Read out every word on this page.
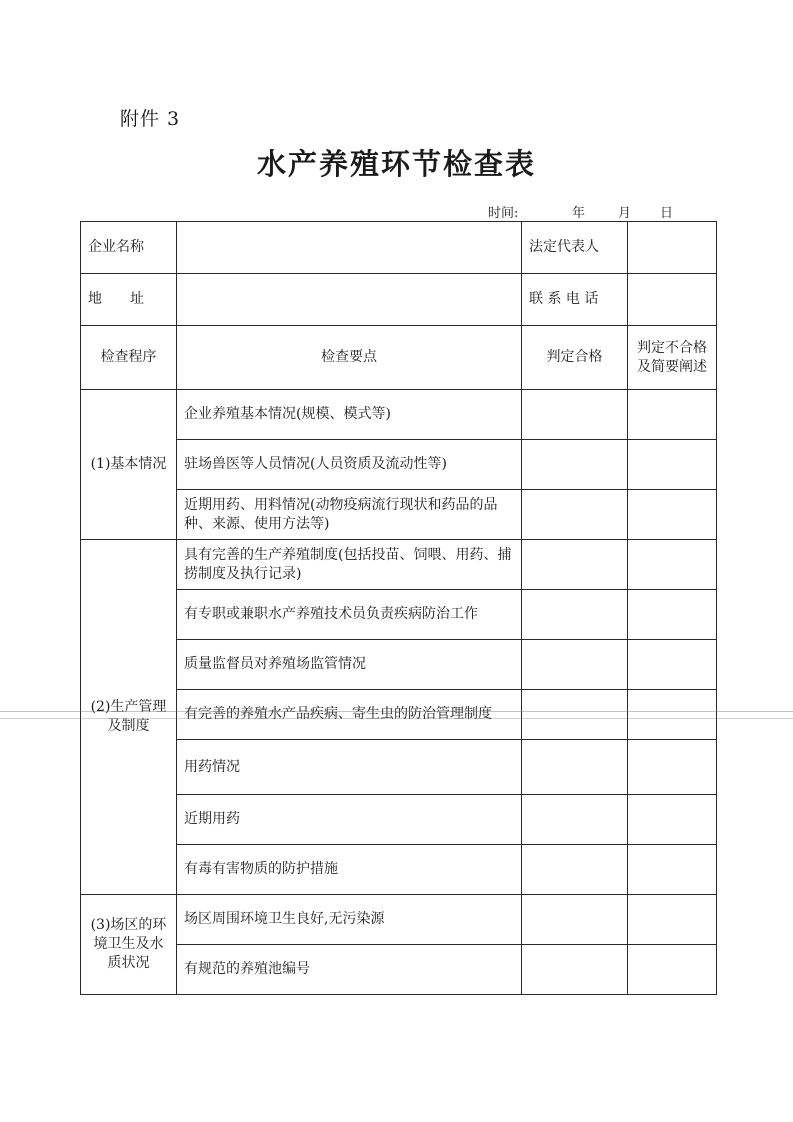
附件 3
水产养殖环节检查表
时间:	年	月 日
企业名称		法定代表人	
地　　址		联 系 电 话	
检查程序	检查要点	判定合格	判定不合格及简要阐述
(1)基本情况	企业养殖基本情况(规模、模式等)		
	驻场兽医等人员情况(人员资质及流动性等)		
	近期用药、用料情况(动物疫病流行现状和药品的品种、来源、使用方法等)		
(2)生产管理及制度	具有完善的生产养殖制度(包括投苗、饲喂、用药、捕捞制度及执行记录)		
	有专职或兼职水产养殖技术员负责疾病防治工作		
	质量监督员对养殖场监管情况		
	有完善的养殖水产品疾病、寄生虫的防治管理制度		
	用药情况		
	近期用药		
	有毒有害物质的防护措施		
(3)场区的环境卫生及水质状况	场区周围环境卫生良好,无污染源		
	有规范的养殖池编号		
